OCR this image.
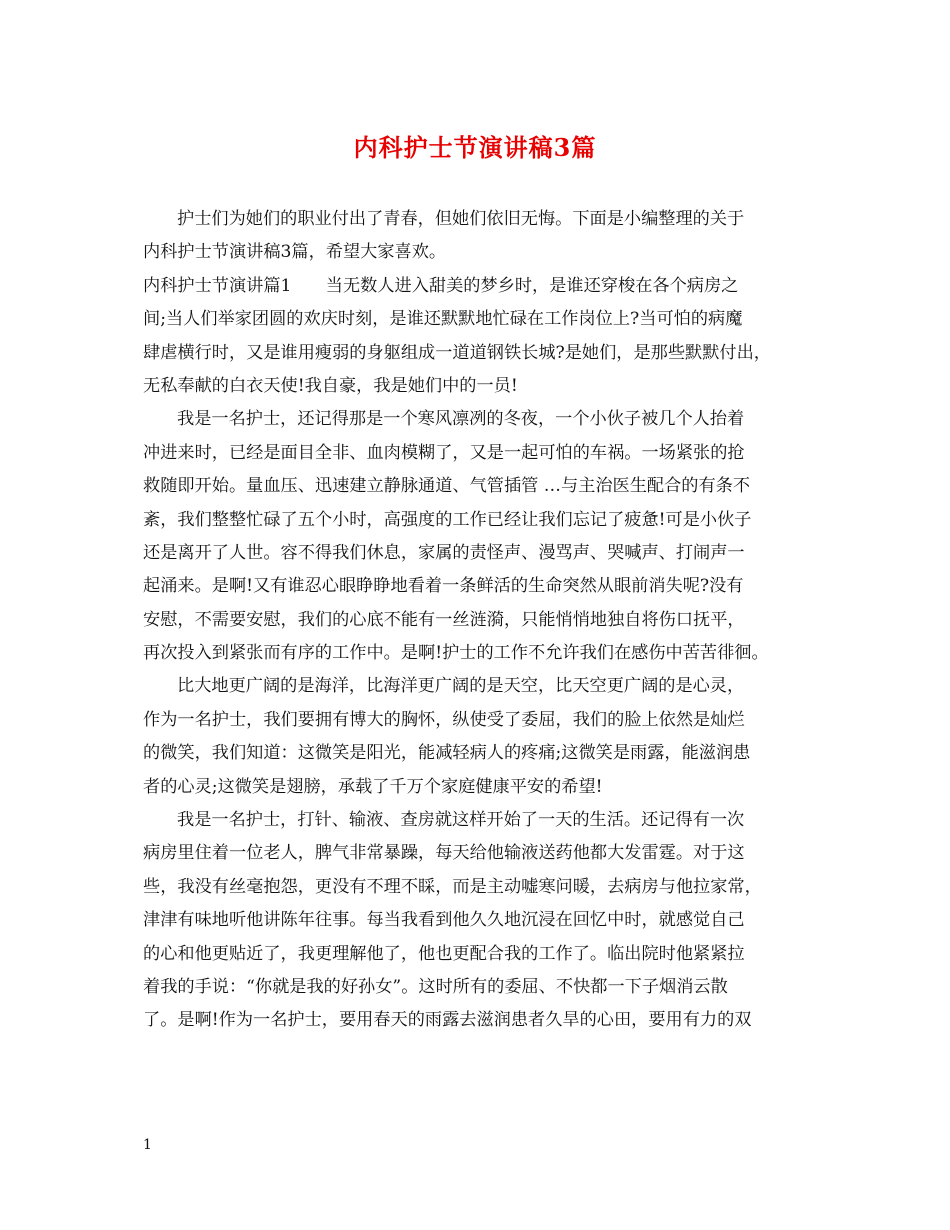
内科护士节演讲稿3篇
护士们为她们的职业付出了青春，但她们依旧无悔。下面是小编整理的关于
内科护士节演讲稿3篇，希望大家喜欢。
内科护士节演讲篇1　　当无数人进入甜美的梦乡时，是谁还穿梭在各个病房之
间;当人们举家团圆的欢庆时刻，是谁还默默地忙碌在工作岗位上?当可怕的病魔
肆虐横行时，又是谁用瘦弱的身躯组成一道道钢铁长城?是她们，是那些默默付出，
无私奉献的白衣天使!我自豪，我是她们中的一员!
我是一名护士，还记得那是一个寒风凛冽的冬夜，一个小伙子被几个人抬着
冲进来时，已经是面目全非、血肉模糊了，又是一起可怕的车祸。一场紧张的抢
救随即开始。量血压、迅速建立静脉通道、气管插管 …与主治医生配合的有条不
紊，我们整整忙碌了五个小时，高强度的工作已经让我们忘记了疲惫!可是小伙子
还是离开了人世。容不得我们休息，家属的责怪声、漫骂声、哭喊声、打闹声一
起涌来。是啊!又有谁忍心眼睁睁地看着一条鲜活的生命突然从眼前消失呢?没有
安慰，不需要安慰，我们的心底不能有一丝涟漪，只能悄悄地独自将伤口抚平，
再次投入到紧张而有序的工作中。是啊!护士的工作不允许我们在感伤中苦苦徘徊。
比大地更广阔的是海洋，比海洋更广阔的是天空，比天空更广阔的是心灵，
作为一名护士，我们要拥有博大的胸怀，纵使受了委屈，我们的脸上依然是灿烂
的微笑，我们知道：这微笑是阳光，能减轻病人的疼痛;这微笑是雨露，能滋润患
者的心灵;这微笑是翅膀，承载了千万个家庭健康平安的希望!
我是一名护士，打针、输液、查房就这样开始了一天的生活。还记得有一次
病房里住着一位老人，脾气非常暴躁，每天给他输液送药他都大发雷霆。对于这
些，我没有丝毫抱怨，更没有不理不睬，而是主动嘘寒问暖，去病房与他拉家常，
津津有味地听他讲陈年往事。每当我看到他久久地沉浸在回忆中时，就感觉自己
的心和他更贴近了，我更理解他了，他也更配合我的工作了。临出院时他紧紧拉
着我的手说：“你就是我的好孙女”。这时所有的委屈、不快都一下子烟消云散
了。是啊!作为一名护士，要用春天的雨露去滋润患者久旱的心田，要用有力的双
1
